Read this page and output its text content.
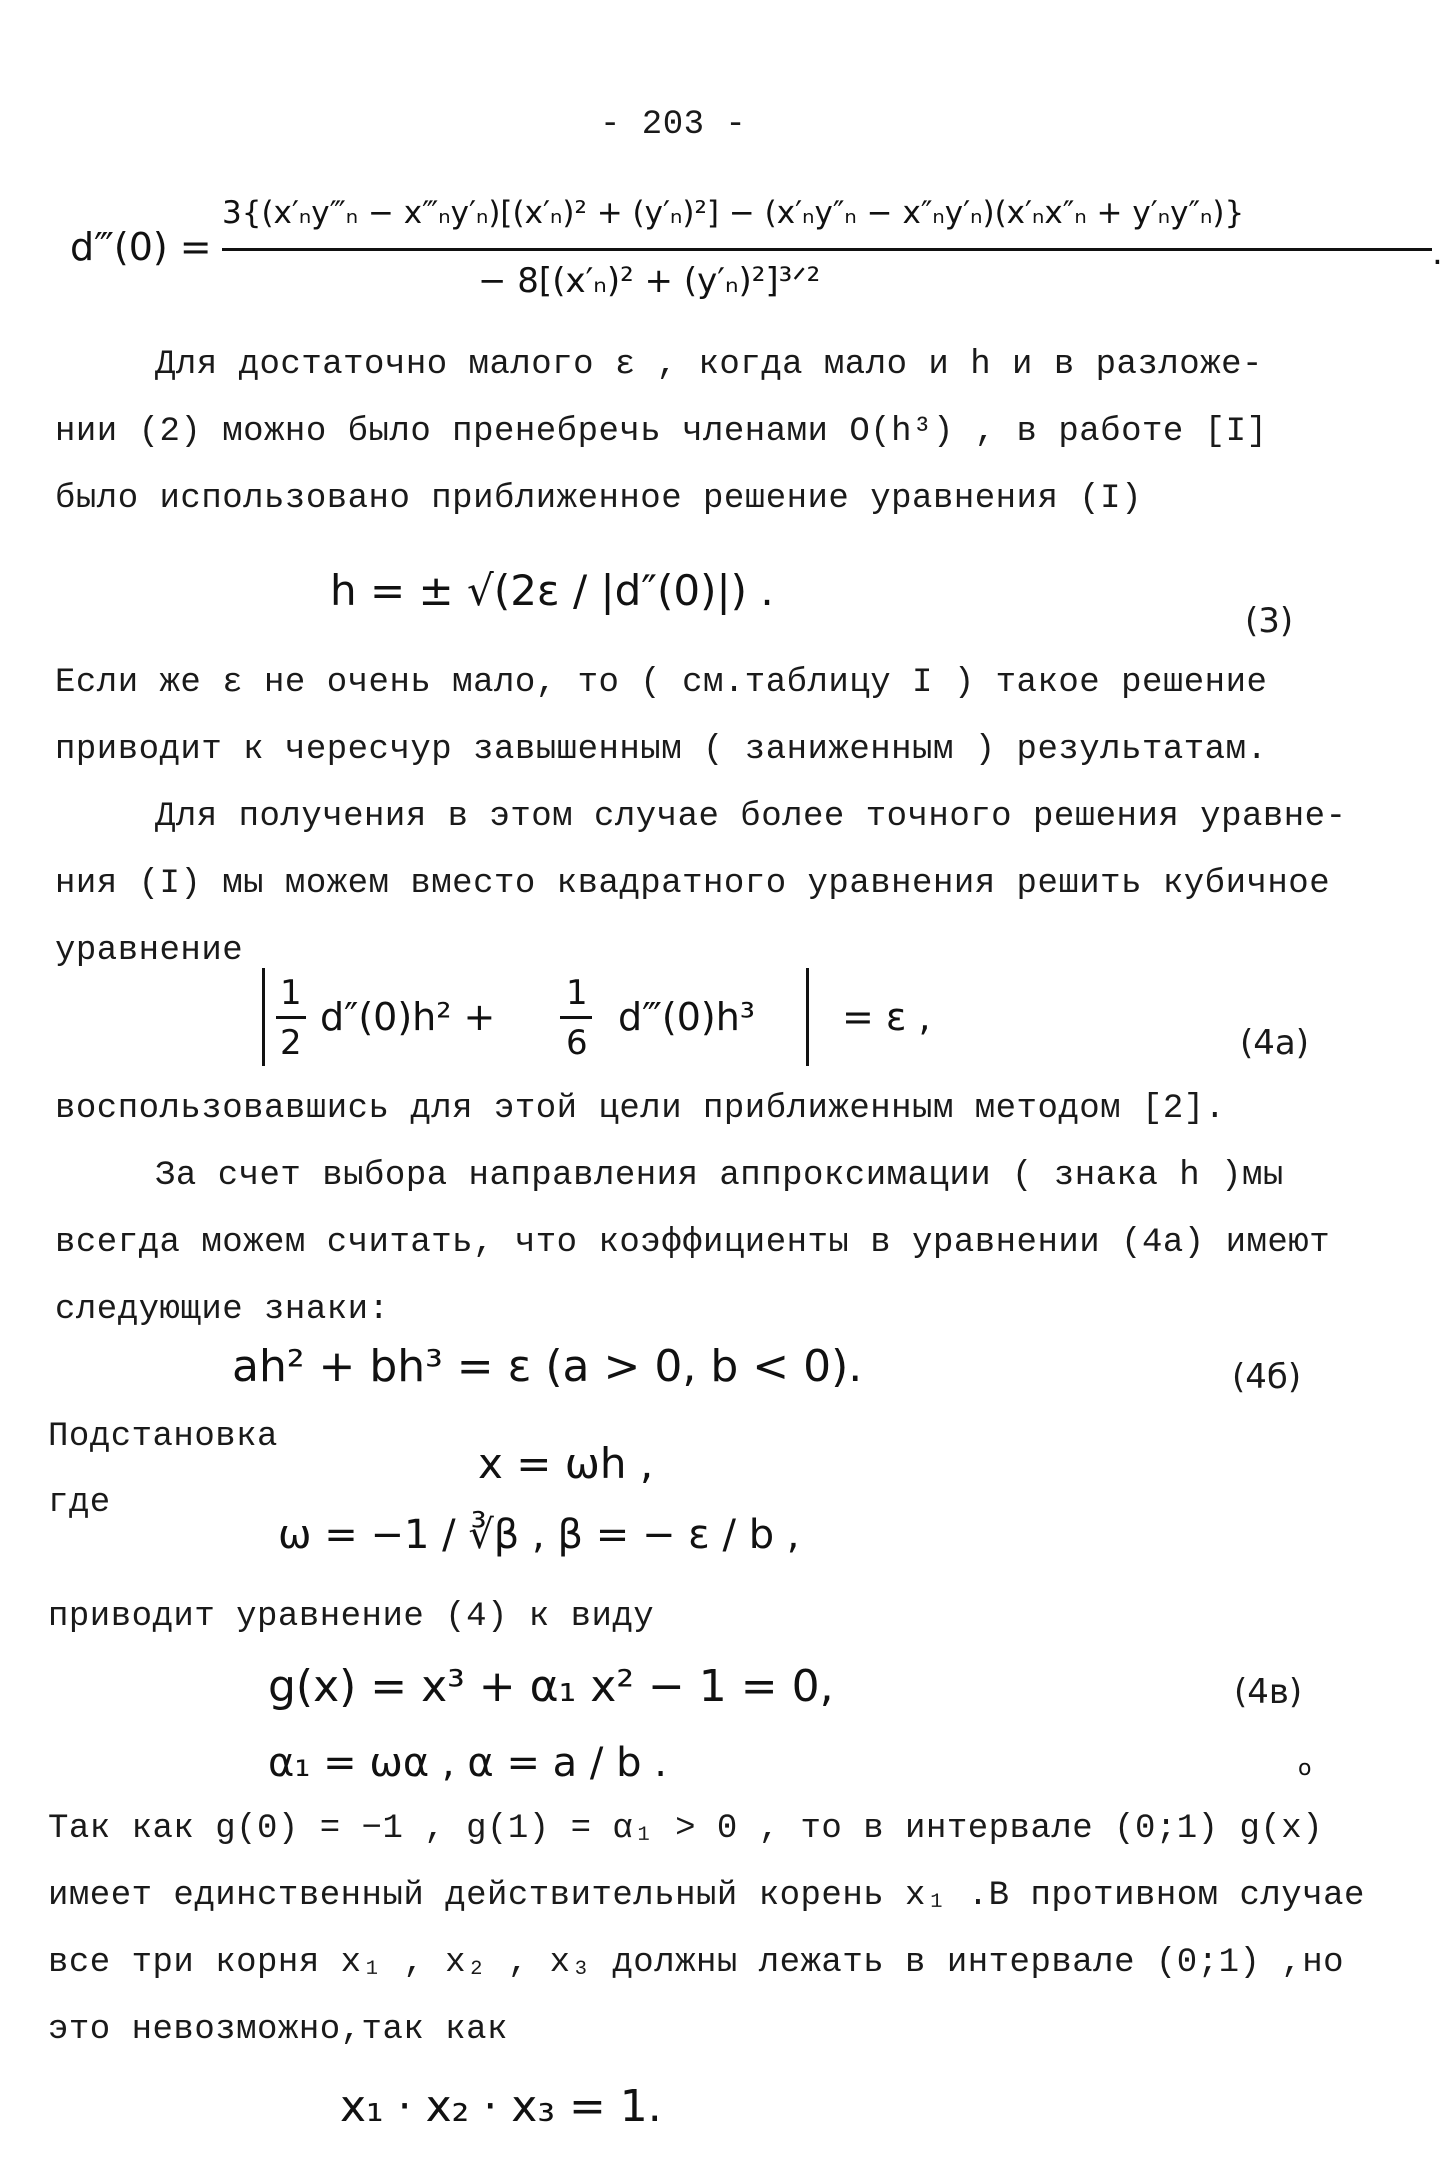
- 203 -
d‴(0) =
3{(x′ₙy‴ₙ − x‴ₙy′ₙ)[(x′ₙ)² + (y′ₙ)²] − (x′ₙy″ₙ − x″ₙy′ₙ)(x′ₙx″ₙ + y′ₙy″ₙ)}
− 8[(x′ₙ)² + (y′ₙ)²]³ᐟ²
.
Для достаточно малого ε , когда мало и h и в разложе-
нии (2) можно было пренебречь членами O(h³) , в работе [I]
было использовано приближенное решение уравнения (I)
h = ± √(2ε / |d″(0)|) .
(3)
Если же ε не очень мало, то ( см.таблицу I ) такое решение
приводит к чересчур завышенным ( заниженным ) результатам.
Для получения в этом случае более точного решения уравне-
ния (I) мы можем вместо квадратного уравнения решить кубичное
уравнение
1
2
d″(0)h² +
1
6
d‴(0)h³ = ε ,
(4а)
воспользовавшись для этой цели приближенным методом [2].
За счет выбора направления аппроксимации ( знака h )мы
всегда можем считать, что коэффициенты в уравнении (4а) имеют
следующие знаки:
ah² + bh³ = ε (a > 0, b < 0).	(4б)
Подстановка
x = ωh ,
где
ω = −1 / ∛β , β = − ε / b ,
приводит уравнение (4) к виду
g(x) = x³ + α₁ x² − 1 = 0,	(4в)
α₁ = ωα , α = a / b .	o
Так как g(0) = −1 , g(1) = α₁ > 0 , то в интервале (0;1) g(x)
имеет единственный действительный корень x₁ .В противном случае
все три корня x₁ , x₂ , x₃ должны лежать в интервале (0;1) ,но
это невозможно,так как
x₁ · x₂ · x₃ = 1.
